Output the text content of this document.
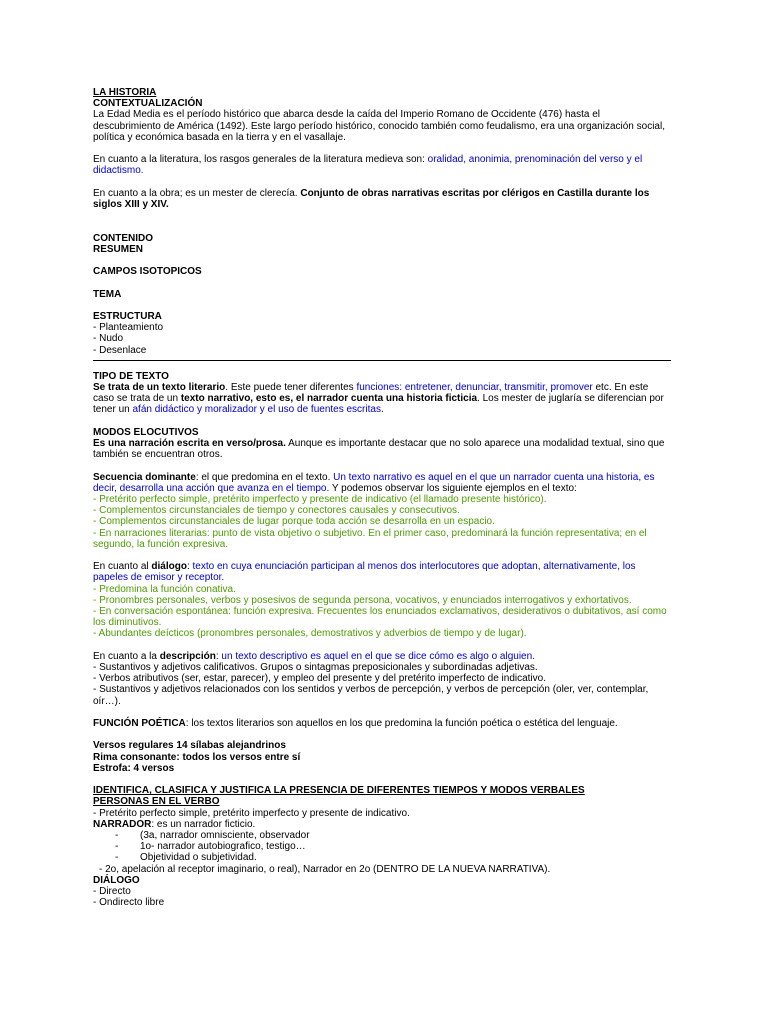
LA HISTORIA

CONTEXTUALIZACIÓN

La Edad Media es el período histórico que abarca desde la caída del Imperio Romano de Occidente (476) hasta el descubrimiento de América (1492). Este largo período histórico, conocido también como feudalismo, era una organización social, política y económica basada en la tierra y en el vasallaje.

En cuanto a la literatura, los rasgos generales de la literatura medieva son: oralidad, anonimia, prenominación del verso y el didactismo.

En cuanto a la obra; es un mester de clerecía. Conjunto de obras narrativas escritas por clérigos en Castilla durante los siglos XIII y XIV.

CONTENIDO

RESUMEN

CAMPOS ISOTOPICOS

TEMA

ESTRUCTURA

- Planteamiento

- Nudo

- Desenlace

TIPO DE TEXTO

Se trata de un texto literario. Este puede tener diferentes funciones: entretener, denunciar, transmitir, promover etc. En este caso se trata de un texto narrativo, esto es, el narrador cuenta una historia ficticia. Los mester de juglaría se diferencian por tener un afán didáctico y moralizador y el uso de fuentes escritas.

MODOS ELOCUTIVOS

Es una narración escrita en verso/prosa. Aunque es importante destacar que no solo aparece una modalidad textual, sino que también se encuentran otros.

Secuencia dominante: el que predomina en el texto. Un texto narrativo es aquel en el que un narrador cuenta una historia, es decir, desarrolla una acción que avanza en el tiempo. Y podemos observar los siguiente ejemplos en el texto:

- Pretérito perfecto simple, pretérito imperfecto y presente de indicativo (el llamado presente histórico).

- Complementos circunstanciales de tiempo y conectores causales y consecutivos.

- Complementos circunstanciales de lugar porque toda acción se desarrolla en un espacio.

- En narraciones literarias: punto de vista objetivo o subjetivo. En el primer caso, predominará la función representativa; en el segundo, la función expresiva.

En cuanto al diálogo: texto en cuya enunciación participan al menos dos interlocutores que adoptan, alternativamente, los papeles de emisor y receptor.

- Predomina la función conativa.

- Pronombres personales, verbos y posesivos de segunda persona, vocativos, y enunciados interrogativos y exhortativos.

- En conversación espontánea: función expresiva. Frecuentes los enunciados exclamativos, desiderativos o dubitativos, así como los diminutivos.

- Abundantes deícticos (pronombres personales, demostrativos y adverbios de tiempo y de lugar).

En cuanto a la descripción: un texto descriptivo es aquel en el que se dice cómo es algo o alguien.

- Sustantivos y adjetivos calificativos. Grupos o sintagmas preposicionales y subordinadas adjetivas.

- Verbos atributivos (ser, estar, parecer), y empleo del presente y del pretérito imperfecto de indicativo.

- Sustantivos y adjetivos relacionados con los sentidos y verbos de percepción, y verbos de percepción (oler, ver, contemplar, oír…).

FUNCIÓN POÉTICA: los textos literarios son aquellos en los que predomina la función poética o estética del lenguaje.

Versos regulares 14 sílabas alejandrinos

Rima consonante: todos los versos entre sí

Estrofa: 4 versos

IDENTIFICA, CLASIFICA Y JUSTIFICA LA PRESENCIA DE DIFERENTES TIEMPOS Y MODOS VERBALES

PERSONAS EN EL VERBO

- Pretérito perfecto simple, pretérito imperfecto y presente de indicativo.

NARRADOR: es un narrador ficticio.

- (3a, narrador omnisciente, observador

- 1o- narrador autobiografico, testigo…

- Objetividad o subjetividad.

- 2o, apelación al receptor imaginario, o real), Narrador en 2o (DENTRO DE LA NUEVA NARRATIVA).

DIÁLOGO

- Directo

- Ondirecto libre
